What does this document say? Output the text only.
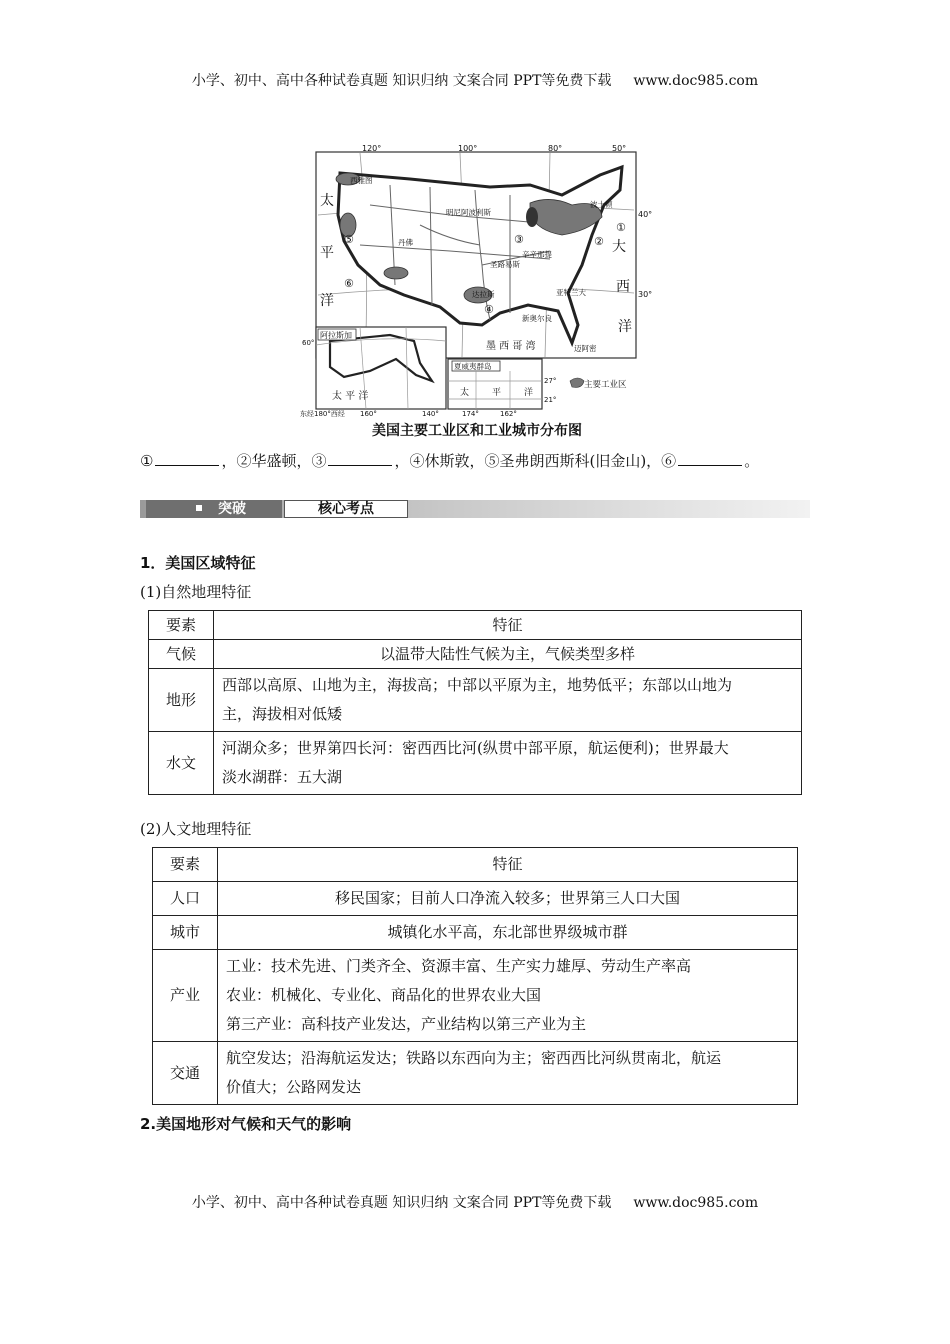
小学、初中、高中各种试卷真题 知识归纳 文案合同 PPT等免费下载 www.doc985.com
120°	100°	80°	50°
40°
30°
太
平
洋
大
西
洋
西雅图
明尼阿波利斯
波士顿
丹佛
圣路易斯
辛辛那提
亚特兰大
达拉斯
新奥尔良
迈阿密
①
②
③
④
⑤
⑥
墨 西 哥 湾
阿拉斯加
60°
太 平 洋
夏威夷群岛
太	平	洋
27°
21°
主要工业区
东经180°西经 160°	140°	174°	162°
美国主要工业区和工业城市分布图
①	，②华盛顿，③	，④休斯敦，⑤圣弗朗西斯科(旧金山)，⑥	。
突破	核心考点
1．美国区域特征
(1)自然地理特征
要素	特征
气候	以温带大陆性气候为主，气候类型多样
地形	西部以高原、山地为主，海拔高；中部以平原为主，地势低平；东部以山地为
主，海拔相对低矮

水文	河湖众多；世界第四长河：密西西比河(纵贯中部平原，航运便利)；世界最大
淡水湖群：五大湖
(2)人文地理特征
要素	特征
人口	移民国家；目前人口净流入较多；世界第三人口大国
城市	城镇化水平高，东北部世界级城市群
产业	工业：技术先进、门类齐全、资源丰富、生产实力雄厚、劳动生产率高
农业：机械化、专业化、商品化的世界农业大国
第三产业：高科技产业发达，产业结构以第三产业为主

交通	航空发达；沿海航运发达；铁路以东西向为主；密西西比河纵贯南北，航运
价值大；公路网发达
2.美国地形对气候和天气的影响
小学、初中、高中各种试卷真题 知识归纳 文案合同 PPT等免费下载 www.doc985.com
